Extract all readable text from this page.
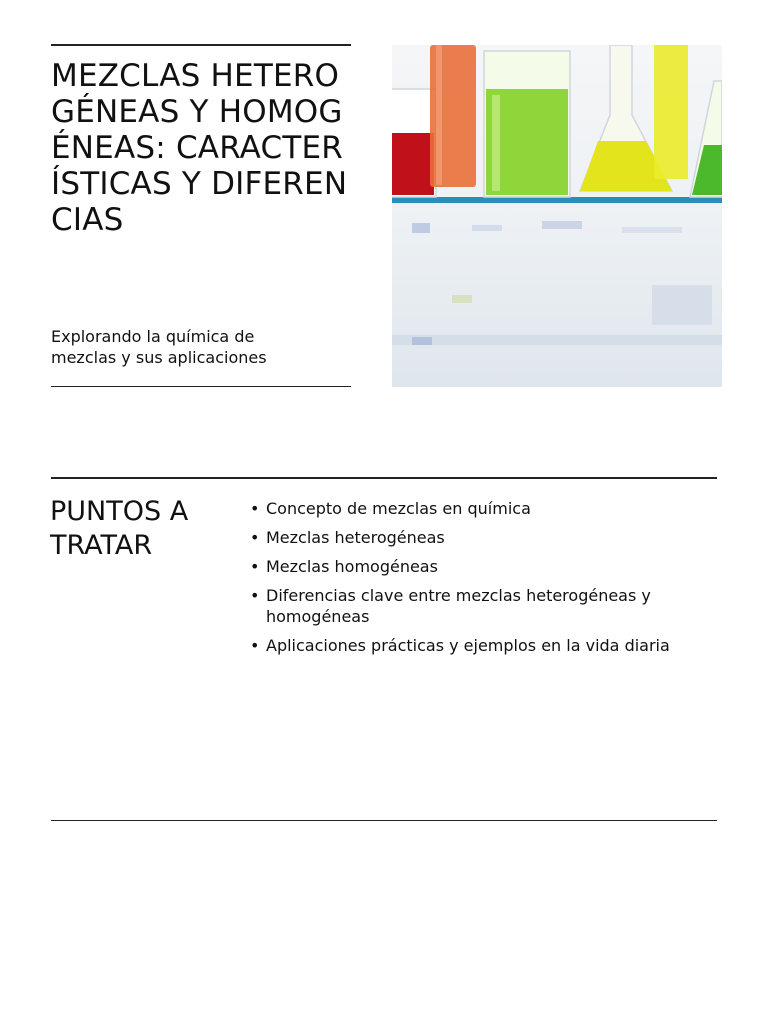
MEZCLAS HETEROGÉNEAS Y HOMOGÉNEAS: CARACTERÍSTICAS Y DIFERENCIAS

Explorando la química de mezclas y sus aplicaciones

PUNTOS A TRATAR
• Concepto de mezclas en química
• Mezclas heterogéneas
• Mezclas homogéneas
• Diferencias clave entre mezclas heterogéneas y homogéneas
• Aplicaciones prácticas y ejemplos en la vida diaria
